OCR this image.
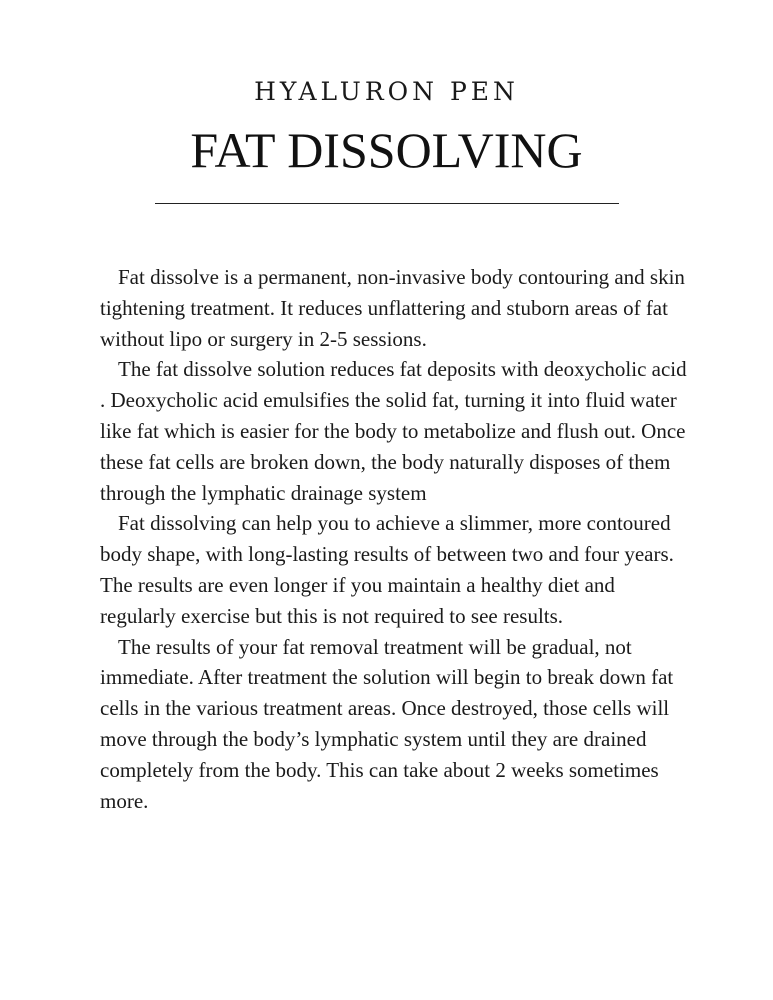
HYALURON PEN
FAT DISSOLVING

Fat dissolve is a permanent, non-invasive body contouring and skin tightening treatment. It reduces unflattering and stuborn areas of fat without lipo or surgery in 2-5 sessions.

The fat dissolve solution reduces fat deposits with deoxycholic acid . Deoxycholic acid emulsifies the solid fat, turning it into fluid water like fat which is easier for the body to metabolize and flush out. Once these fat cells are broken down, the body naturally disposes of them through the lymphatic drainage system

Fat dissolving can help you to achieve a slimmer, more contoured body shape, with long-lasting results of between two and four years. The results are even longer if you maintain a healthy diet and regularly exercise but this is not required to see results.

The results of your fat removal treatment will be gradual, not immediate. After treatment the solution will begin to break down fat cells in the various treatment areas. Once destroyed, those cells will move through the body’s lymphatic system until they are drained completely from the body. This can take about 2 weeks sometimes more.
